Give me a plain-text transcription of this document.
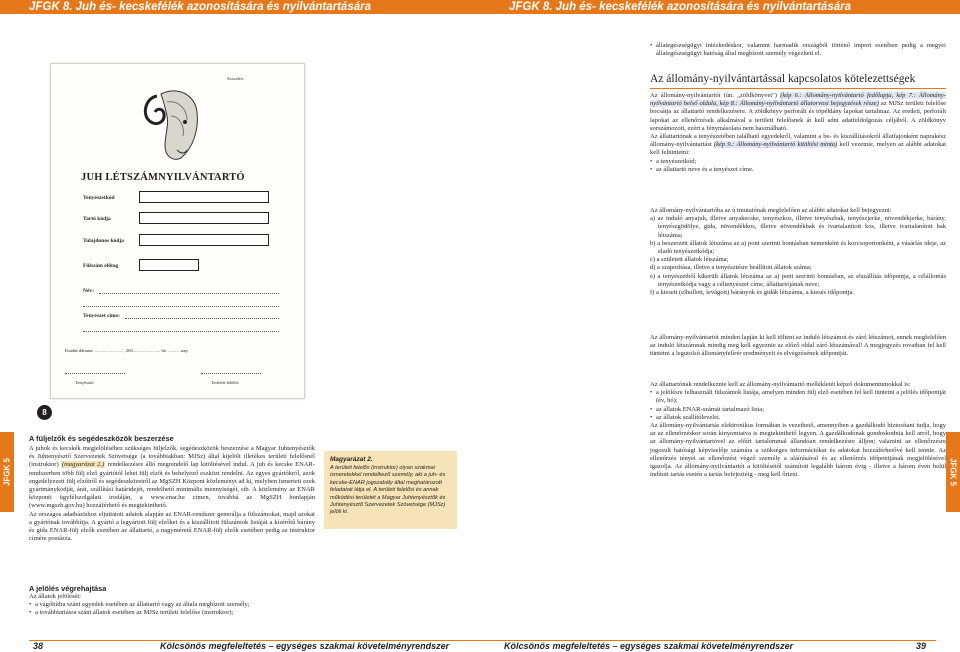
JFGK 8. Juh és- kecskefélék azonosítására és nyilvántartására	JFGK 8. Juh és- kecskefélék azonosítására és nyilvántartására
JFGK 5	JFGK 5
Sorszám:
JUH LÉTSZÁMNYILVÁNTARTÓ
Tenyészetkód
Tartó kódja
Tulajdonos kódja
Fülszám előtag
Név:
Tenyészet címe:
Kiadás dátuma: ........................ , 200........................ hó ........... nap
Tenyésztő	Területi felelős
8
A füljelzők és segédeszközök beszerzése

A juhok és kecskék megjelöléséhez szükséges füljelzők, segédeszközök beszerzése a Magyar Juhtenyésztők és Juhtenyésztő Szervezetek Szövetsége (a továbbiakban: MJSz) által kijelölt illetékes területi felelősnél (instruktor) (magyarázat 2.) rendelkezésre álló megrendelő lap kitöltésével indul. A juh és kecske ENAR-rendszerben több fülj elző gyártótól lehet fülj elzőt és behelyező eszközt rendelni. Az egyes gyártókról, azok engedélyezett fülj elzőiről és segédeszközeiről az MgSZH Központ közleményt ad ki, melyben ismerteti ezek gyártmánykódját, árát, szállítási határidejét, rendelhető minimális mennyiségét, stb. A közlemény az ENAR központi ügyfélszolgálati irodáján, a www.enar.hu címen, továbbá az MgSZH honlapján (www.mgszh.gov.hu) hozzáférhető és megtekinthető.

Az országos adatbázishoz eljuttatott adatok alapján az ENAR-rendszer generálja a fülszámokat, majd azokat a gyártónak továbbítja. A gyártó a legyártott fülj elzőket és a kiszállított fülszámok listáját a kísérőtű bárány és gida ENAR-fülj elzők esetében az állattartó, a nagyméretű ENAR-fülj elzők esetében pedig az instruktor címére postázza.

A jelölés végrehajtása

Az állatok jelölését:

• a vágóhídra szánt egyedek esetében az állattartó vagy az általa megbízott személy;
• a továbbtartásra szánt állatok esetében az MJSz területi felelőse (instruktor);
Magyarázat 2.
A területi felelős (instruktor) olyan szakmai ismeretekkel rendelkező személy, aki a juh- és kecske-ENAR jogszabály által meghatározott feladatait látja el. A területi felelősi és annak működési területét a Magyar Juhtenyésztők és Juhtenyésztő Szervezetek Szövetsége (MJSz) jelöli ki.
• állategészségügyi intézkedéskor, valamint harmadik országból történő import esetében pedig a megyei állategészségügyi hatóság által megbízott személy végezheti el.
Az állomány-nyilvántartással kapcsolatos kötelezettségek

Az állomány-nyilvántartót (ún. „zöldkönyvet") (kép 6.: Állomány-nyilvántartó fedőlapja, kép 7.: Állomány-nyilvántartó belső oldala, kép 8.: Állomány-nyilvántartó állatorvosi bejegyzések része) az MJSz területi felelőse bocsátja az állattartó rendelkezésére. A zöldkönyv perforált és töpéldány lapokat tartalmaz. Az eredeti, perforált lapokat az ellenőrzések alkalmával a területi felelősnek át kell adni adatfeldolgozás céljából. A zöldkönyv sorszámozott, ezért a fénymásolata nem használható.

Az állattartónak a tenyészetében található egyedekről, valamint a be- és kiszállításokról állatfajonként naprakész állomány-nyilvántartást (kép 9.: Állomány-nyilvántartó kitöltési minta) kell vezetnie, melyen az alábbi adatokat kell feltüntetni:

• a tenyészetkód;
• az állattartó neve és a tenyészet címe.

Az állomány-nyilvántartóba az ú tmutatónak megfelelően az alábbi adatokat kell bejegyezni:

a) az induló anyajuh, illetve anyakecske, tenyészkos, illetve tenyészbak, tenyészjerke, növendékjerke, bárány, tenyészgödölye, gida, növendékkos, illetve növendékbak és ivartalanított kos, illetve ivartalanított bak létszáma;
b) a beszerzett állatok létszáma az a) pont szerinti bontásban nemenként és korcsoportonként, a vásárlás ideje, az eladó tenyészetkódja;
c) a született állatok létszáma;
d) a szaporítása, illetve a tenyésztésre beállított állatok száma;
e) a tenyészetből kikerült állatok létszáma az a) pont szerinti bontásban, az elszállítás időpontja, a célállomás tenyészetkódja vagy a céltenyészet címe, állattartójának neve;
f) a kiesett (elhullott, levágott) bárányok és gidák létszáma, a kiesés időpontja.

Az állomány-nyilvántartót minden lapján ki kell tölteni az induló létszámot és záró létszámot, ennek megfelelően az induló létszámnak mindig meg kell egyeznie az előző oldal záró létszámával! A megjegyzés rovatban fel kell tüntetni a legutolsó állományfelírér eredményeit és elvégzésének időpontját.

Az állattartónak rendelkeznie kell az állomány-nyilvántartó mellékletét képző dokumentumokkal is:

• a jelölésre felhasznált fülszámok listája, amelyen minden fülj elző esetében fel kell tüntetni a jelölés időpontját (év, hó);
• az állatok ENAR-számát tartalmazó lista;
• az állatok szállítólevelei.

Az állomány-nyilvántartás elektronikus formában is vezethető, amennyiben a gazdálkodó biztosítani tudja, hogy az az ellenőrzéskor során kinyomtatva is megtekinthető legyen. A gazdálkodónak gondoskodnia kell arról, hogy az állomány-nyilvántartóvel az előírt tartalommal állandóan rendelkezésre álljon; valamint az ellenőrzésre jogosult hatósági képviselője számára a szükséges információkat és adatokat hozzáférhetővé kell tennie. Az ellenőrzés tényét az ellenőrzést végző személy a aláírásával és az ellenőrzés időpontjának megjelölésével igazolja. Az állomány-nyilvántartót a kitöltésétől számított legalább három évig - illetve a három éven belül indított tartás esetén a tartás befejeztéig - meg kell őrizni.

38	Kölcsönös megfeleltetés – egységes szakmai követelményrendszer	Kölcsönös megfeleltetés – egységes szakmai követelményrendszer	39
